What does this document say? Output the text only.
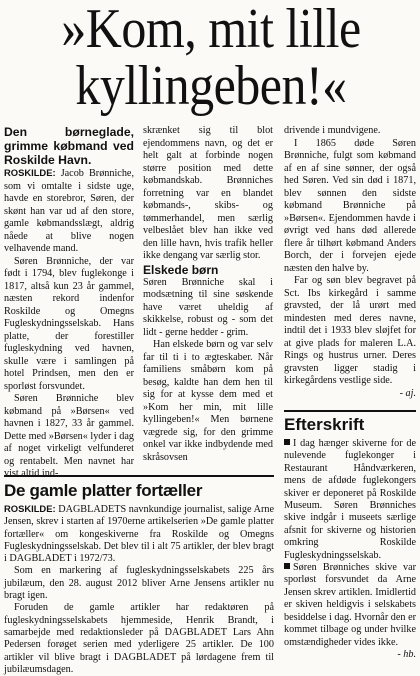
»Kom, mit lille kyllingeben!«

Den børneglade, grimme købmand ved Roskilde Havn.

ROSKILDE: Jacob Brønniche, som vi omtalte i sidste uge, havde en storebror, Søren, der skønt han var ud af den store, gamle købmandsslægt, aldrig nåede at blive nogen velhavende mand.

Søren Brønniche, der var født i 1794, blev fuglekonge i 1817, altså kun 23 år gammel, næsten rekord indenfor Roskilde og Omegns Fugleskydningsselskab. Hans platte, der forestiller fugleskydning ved havnen, skulle være i samlingen på hotel Prindsen, men den er sporløst forsvundet.

Søren Brønniche blev købmand på »Børsen« ved havnen i 1827, 33 år gammel. Dette med »Børsen« lyder i dag af noget virkeligt velfunderet og rentabelt. Men navnet har vist altid ind-

skrænket sig til blot ejendommens navn, og det er helt galt at forbinde nogen større position med dette købmandskab. Brønniches forretning var en blandet købmands-, skibs- og tømmerhandel, men særlig velbeslået blev han ikke ved den lille havn, hvis trafik heller ikke dengang var særlig stor.

Elskede børn

Søren Brønniche skal i modsætning til sine søskende have været uheldig af skikkelse, robust og - som det lidt - gerne hedder - grim.

Han elskede børn og var selv far til ti i to ægteskaber. Når familiens småbørn kom på besøg, kaldte han dem hen til sig for at kysse dem med et »Kom her min, mit lille kyllingeben!« Men børnene vægrede sig, for den grimme onkel var ikke indbydende med skråsovsen

drivende i mundvigene.

I 1865 døde Søren Brønniche, fulgt som købmand af en af sine sønner, der også hed Søren. Ved sin død i 1871, blev sønnen den sidste købmand Brønniche på »Børsen«. Ejendommen havde i øvrigt ved hans død allerede flere år tilhørt købmand Anders Borch, der i forvejen ejede næsten den halve by.

Far og søn blev begravet på Sct. Ibs kirkegård i samme gravsted, der lå urørt med mindesten med deres navne, indtil det i 1933 blev sløjfet for at give plads for maleren L.A. Rings og hustrus urner. Deres gravsten ligger stadig i kirkegårdens vestlige side.

- aj.

Efterskrift

I dag hænger skiverne for de nulevende fuglekonger i Restaurant Håndværkeren, mens de afdøde fuglekongers skiver er deponeret på Roskilde Museum. Søren Brønniches skive indgår i museets særlige afsnit for skiverne og historien omkring Roskilde Fugleskydningsselskab.

Søren Brønniches skive var sporløst forsvundet da Arne Jensen skrev artiklen. Imidlertid er skiven heldigvis i selskabets besiddelse i dag. Hvornår den er kommet tilbage og under hvilke omstændigheder vides ikke.

- hb.

De gamle platter fortæller

ROSKILDE: DAGBLADETS navnkundige journalist, salige Arne Jensen, skrev i starten af 1970erne artikelserien »De gamle platter fortæller« om kongeskiverne fra Roskilde og Omegns Fugleskydningsselskab. Det blev til i alt 75 artikler, der blev bragt i DAGBLADET i 1972/73.

Som en markering af fugleskydningsselskabets 225 års jubilæum, den 28. august 2012 bliver Arne Jensens artikler nu bragt igen.

Foruden de gamle artikler har redaktøren på fugleskydningsselskabets hjemmeside, Henrik Brandt, i samarbejde med redaktionsleder på DAGBLADET Lars Ahn Pedersen forøget serien med yderligere 25 artikler. De 100 artikler vil blive bragt i DAGBLADET på lørdagene frem til jubilæumsdagen.
